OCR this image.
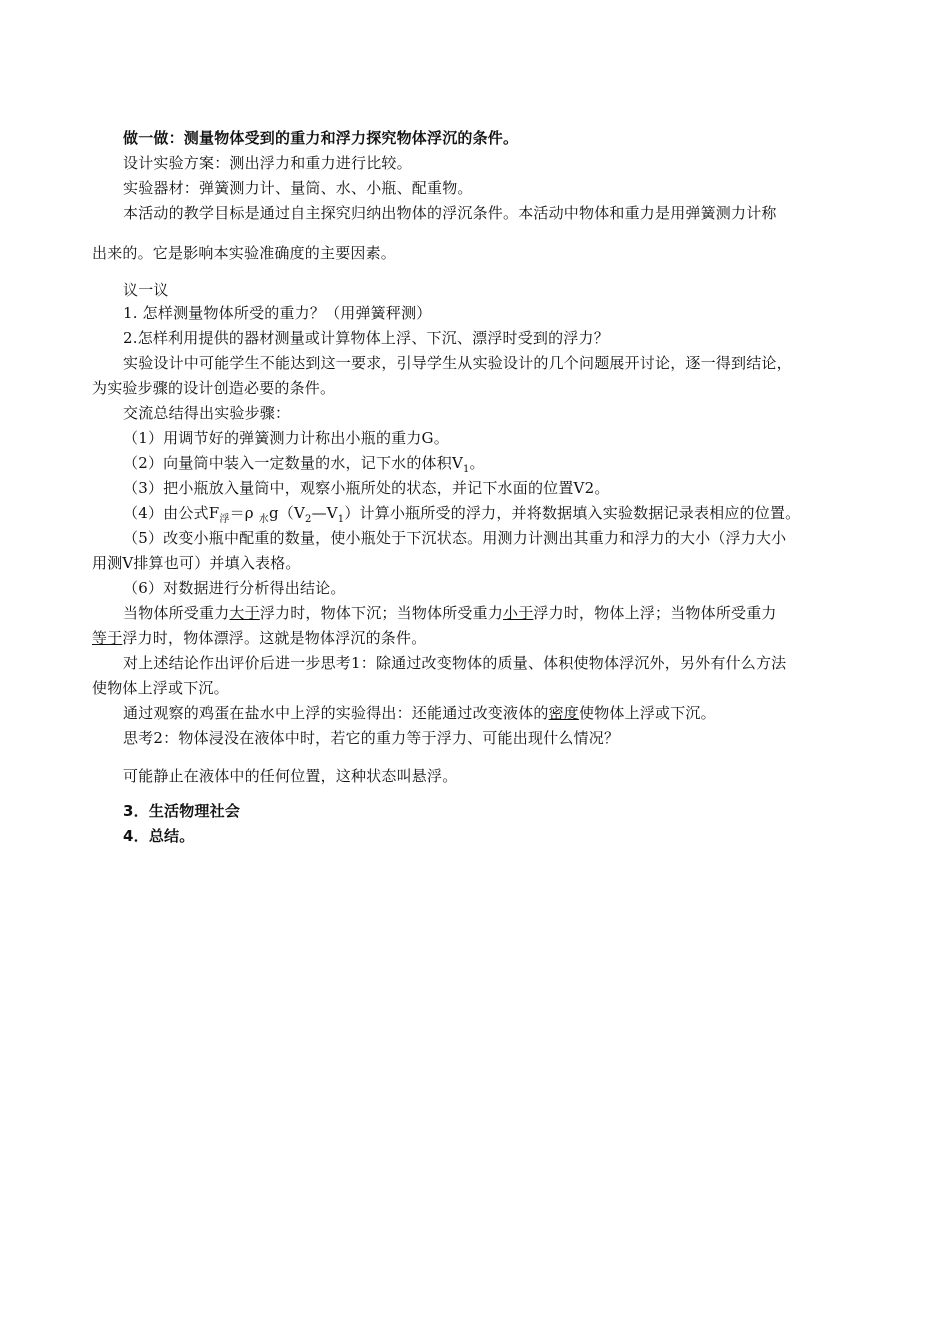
做一做：测量物体受到的重力和浮力探究物体浮沉的条件。
设计实验方案：测出浮力和重力进行比较。
实验器材：弹簧测力计、量筒、水、小瓶、配重物。
本活动的教学目标是通过自主探究归纳出物体的浮沉条件。本活动中物体和重力是用弹簧测力计称
出来的。它是影响本实验准确度的主要因素。
议一议
1. 怎样测量物体所受的重力？（用弹簧秤测）
2.怎样利用提供的器材测量或计算物体上浮、下沉、漂浮时受到的浮力？
实验设计中可能学生不能达到这一要求，引导学生从实验设计的几个问题展开讨论，逐一得到结论，
为实验步骤的设计创造必要的条件。
交流总结得出实验步骤：
（1）用调节好的弹簧测力计称出小瓶的重力G。
（2）向量筒中装入一定数量的水，记下水的体积$V_1$。
（3）把小瓶放入量筒中，观察小瓶所处的状态，并记下水面的位置V2。
（4）由公式$F_浮=\rho$ $_水g(V_2—V_1)$计算小瓶所受的浮力，并将数据填入实验数据记录表相应的位置。
（5）改变小瓶中配重的数量，使小瓶处于下沉状态。用测力计测出其重力和浮力的大小（浮力大小
用测V排算也可）并填入表格。
（6）对数据进行分析得出结论。
当物体所受重力大于浮力时，物体下沉；当物体所受重力小于浮力时，物体上浮；当物体所受重力
等于浮力时，物体漂浮。这就是物体浮沉的条件。
对上述结论作出评价后进一步思考1：除通过改变物体的质量、体积使物体浮沉外，另外有什么方法
使物体上浮或下沉。
通过观察的鸡蛋在盐水中上浮的实验得出：还能通过改变液体的密度使物体上浮或下沉。
思考2：物体浸没在液体中时，若它的重力等于浮力、可能出现什么情况？
可能静止在液体中的任何位置，这种状态叫悬浮。
3．生活物理社会
4．总结。
